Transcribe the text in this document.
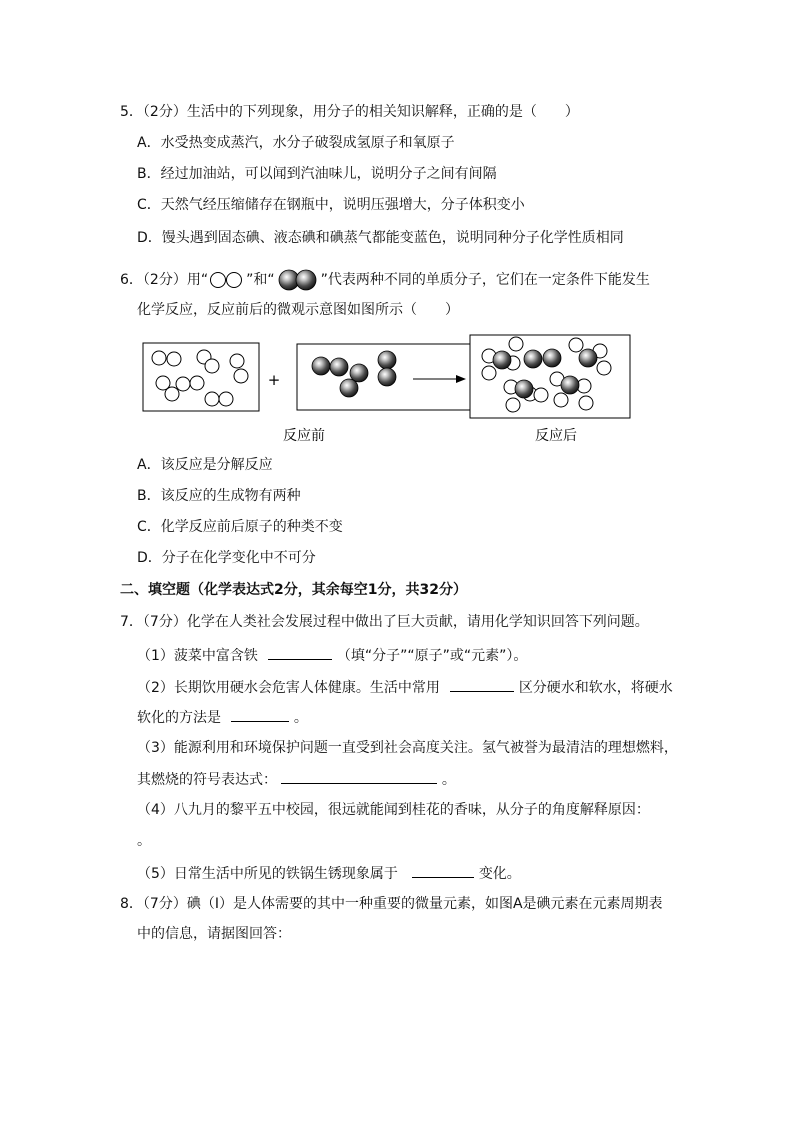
5．（2分）生活中的下列现象，用分子的相关知识解释，正确的是（　　）
A．水受热变成蒸汽，水分子破裂成氢原子和氧原子
B．经过加油站，可以闻到汽油味儿，说明分子之间有间隔
C．天然气经压缩储存在钢瓶中，说明压强增大，分子体积变小
D．馒头遇到固态碘、液态碘和碘蒸气都能变蓝色，说明同种分子化学性质相同
6．（2分）用“	”和“	”代表两种不同的单质分子，它们在一定条件下能发生
化学反应，反应前后的微观示意图如图所示（　　）
+
反应前	反应后
A．该反应是分解反应
B．该反应的生成物有两种
C．化学反应前后原子的种类不变
D．分子在化学变化中不可分
二、填空题（化学表达式2分，其余每空1分，共32分）
7．（7分）化学在人类社会发展过程中做出了巨大贡献，请用化学知识回答下列问题。
（1）菠菜中富含铁	（填“分子”“原子”或“元素”）。
（2）长期饮用硬水会危害人体健康。生活中常用	区分硬水和软水，将硬水
软化的方法是	。
（3）能源利用和环境保护问题一直受到社会高度关注。氢气被誉为最清洁的理想燃料，
其燃烧的符号表达式：	。
（4）八九月的黎平五中校园，很远就能闻到桂花的香味，从分子的角度解释原因：
。
（5）日常生活中所见的铁锅生锈现象属于	变化。
8．（7分）碘（I）是人体需要的其中一种重要的微量元素，如图A是碘元素在元素周期表
中的信息，请据图回答：
